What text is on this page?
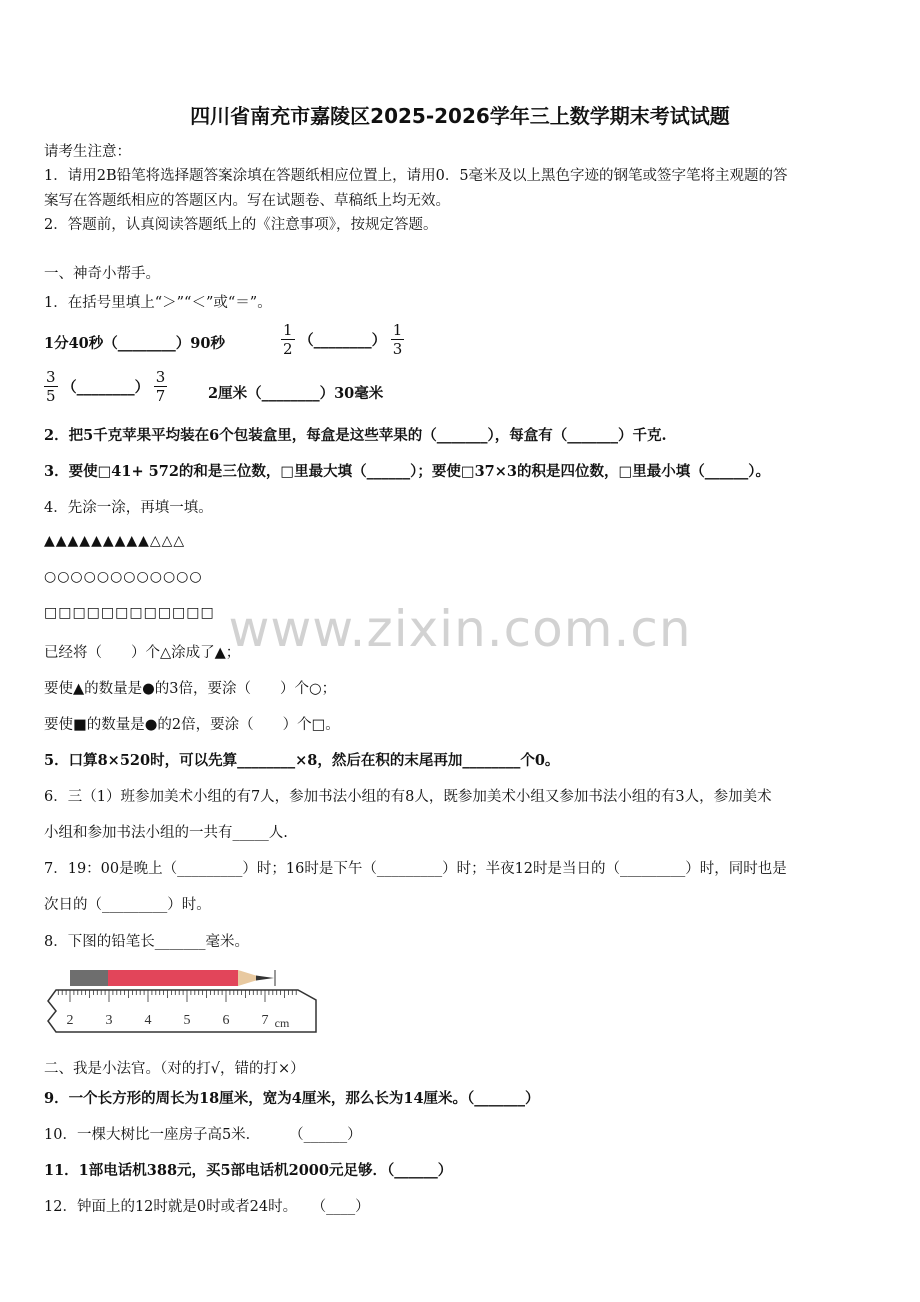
www.zixin.com.cn
四川省南充市嘉陵区2025-2026学年三上数学期末考试试题
请考生注意：
1．请用2B铅笔将选择题答案涂填在答题纸相应位置上，请用0．5毫米及以上黑色字迹的钢笔或签字笔将主观题的答
案写在答题纸相应的答题区内。写在试题卷、草稿纸上均无效。
2．答题前，认真阅读答题纸上的《注意事项》，按规定答题。
一、神奇小帮手。
1．在括号里填上“＞”“＜”或“＝”。
1分40秒（________）90秒	$\frac{1}{2}$ （________） $\frac{1}{3}$
$\frac{3}{5}$ （________） $\frac{3}{7}$	2厘米（________）30毫米
2．把5千克苹果平均装在6个包装盒里，每盒是这些苹果的（_______），每盒有（_______）千克.
3．要使□41+ 572的和是三位数，□里最大填（______）；要使□37×3的积是四位数，□里最小填（______）。
4．先涂一涂，再填一填。
▲▲▲▲▲▲▲▲▲△△△
○○○○○○○○○○○○
□□□□□□□□□□□□
已经将（　　）个△涂成了▲；
要使▲的数量是●的3倍，要涂（　　）个○；
要使■的数量是●的2倍，要涂（　　）个□。
5．口算8×520时，可以先算________×8，然后在积的末尾再加________个0。
6．三（1）班参加美术小组的有7人，参加书法小组的有8人，既参加美术小组又参加书法小组的有3人，参加美术
小组和参加书法小组的一共有_____人.
7．19：00是晚上（_________）时；16时是下午（_________）时；半夜12时是当日的（_________）时，同时也是
次日的（_________）时。
8．下图的铅笔长_______毫米。
2 3 4 5 6 7 cm
二、我是小法官。（对的打√，错的打×）
9．一个长方形的周长为18厘米，宽为4厘米，那么长为14厘米。（_______）
10．一棵大树比一座房子高5米．　　　（______）
11．1部电话机388元，买5部电话机2000元足够．（______）
12．钟面上的12时就是0时或者24时。　　（____）
